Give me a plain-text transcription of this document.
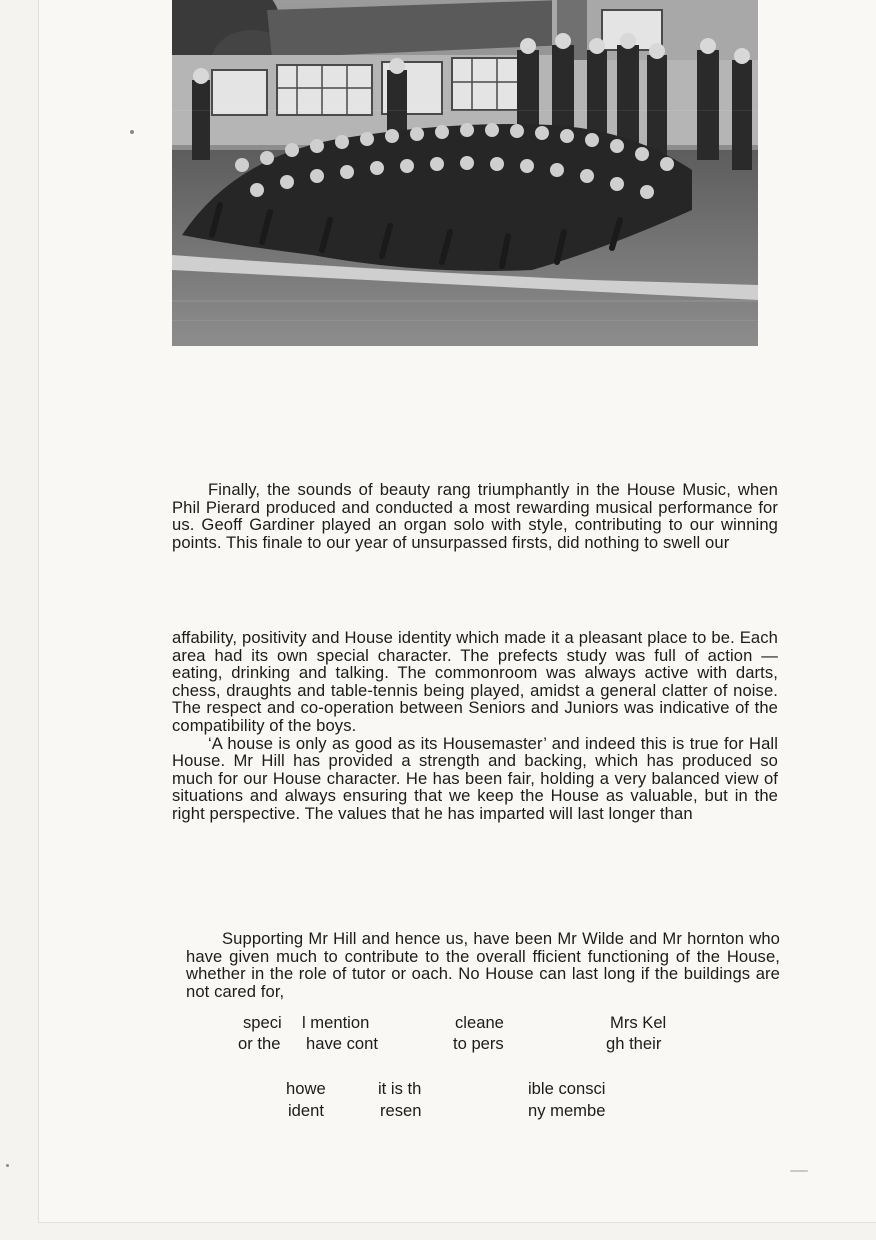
Finally, the sounds of beauty rang triumphantly in the House Music, when Phil Pierard produced and conducted a most rewarding musical performance for us. Geoff Gardiner played an organ solo with style, contributing to our winning points. This finale to our year of unsurpassed firsts, did nothing to swell our

affability, positivity and House identity which made it a pleasant place to be. Each area had its own special character. The prefects study was full of action — eating, drinking and talking. The commonroom was always active with darts, chess, draughts and table-tennis being played, amidst a general clatter of noise. The respect and co-operation between Seniors and Juniors was indicative of the compatibility of the boys.

‘A house is only as good as its Housemaster’ and indeed this is true for Hall House. Mr Hill has provided a strength and backing, which has produced so much for our House character. He has been fair, holding a very balanced view of situations and always ensuring that we keep the House as valuable, but in the right perspective. The values that he has imparted will last longer than

Supporting Mr Hill and hence us, have been Mr Wilde and Mr hornton who have given much to contribute to the overall fficient functioning of the House, whether in the role of tutor or oach. No House can last long if the buildings are not cared for,

speci l mention	cleane	Mrs Kel
or the have cont	to pers	gh their
howe	it is th	ible consci
ident	resen	ny membe
